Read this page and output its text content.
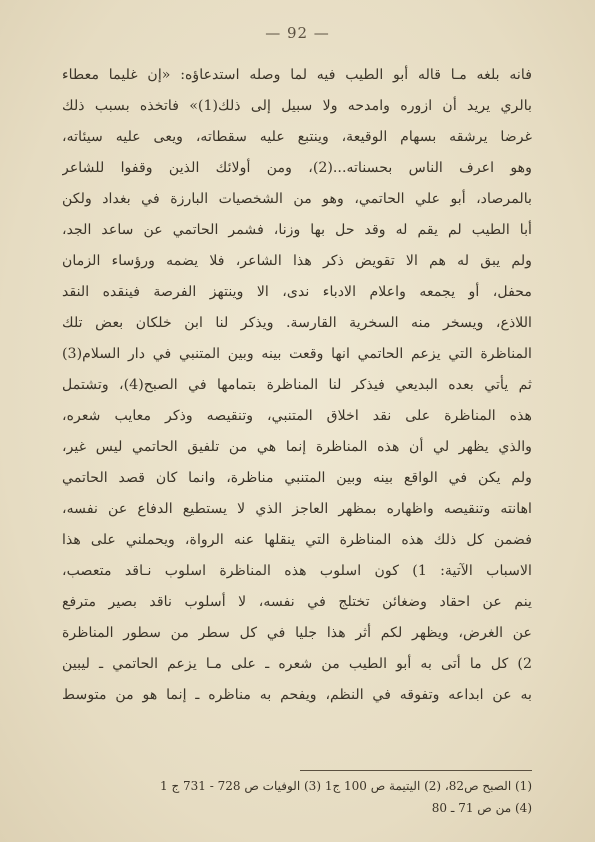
— 92 —
فانه بلغه مـا قاله أبو الطيب فيه لما وصله استدعاؤه: «إن غليما معطاء
بالري يريد أن ازوره وامدحه ولا سبيل إلى ذلك(1)» فاتخذه بسبب ذلك
غرضا يرشقه بسهام الوقيعة، وينتبع عليه سقطاته، ويعى عليه سيئاته،
وهو اعرف الناس بحسناته...(2)، ومن أولائك الذين وقفوا للشاعر
بالمرصاد، أبو علي الحاتمي، وهو من الشخصيات البارزة في بغداد ولكن
أبا الطيب لم يقم له وقد حل بها وزنا، فشمر الحاتمي عن ساعد الجد،
ولم يبق له هم الا تقويض ذكر هذا الشاعر، فلا يضمه ورؤساء الزمان
محفل، أو يجمعه واعلام الادباء ندى، الا وينتهز الفرصة فينقده النقد
اللاذع، ويسخر منه السخرية القارسة. ويذكر لنا ابن خلكان بعض تلك
المناظرة التي يزعم الحاتمي انها وقعت بينه وبين المتنبي في دار السلام(3)
ثم يأتي بعده البديعي فيذكر لنا المناظرة بتمامها في الصبح(4)، وتشتمل
هذه المناظرة على نقد اخلاق المتنبي، وتنقيصه وذكر معايب شعره،
والذي يظهر لي أن هذه المناظرة إنما هي من تلفيق الحاتمي ليس غير،
ولم يكن في الواقع بينه وبين المتنبي مناظرة، وانما كان قصد الحاتمي
اهانته وتنقيصه واظهاره بمظهر العاجز الذي لا يستطيع الدفاع عن نفسه،
فضمن كل ذلك هذه المناظرة التي ينقلها عنه الرواة، ويحملني على هذا
الاسباب الآتية: 1) كون اسلوب هذه المناظرة اسلوب نـاقد متعصب،
ينم عن احقاد وضغائن تختلج في نفسه، لا أسلوب ناقد بصير مترفع
عن الغرض، ويظهر لكم أثر هذا جليا في كل سطر من سطور المناظرة
2) كل ما أتى به أبو الطيب من شعره ـ على مـا يزعم الحاتمي ـ ليبين
به عن ابداعه وتفوقه في النظم، ويفحم به مناظره ـ إنما هو من متوسط
(1) الصبح ص82، (2) اليتيمة ص 100 ج1 (3) الوفيات ص 728 - 731 ج 1
(4) من ص 71 ـ 80
